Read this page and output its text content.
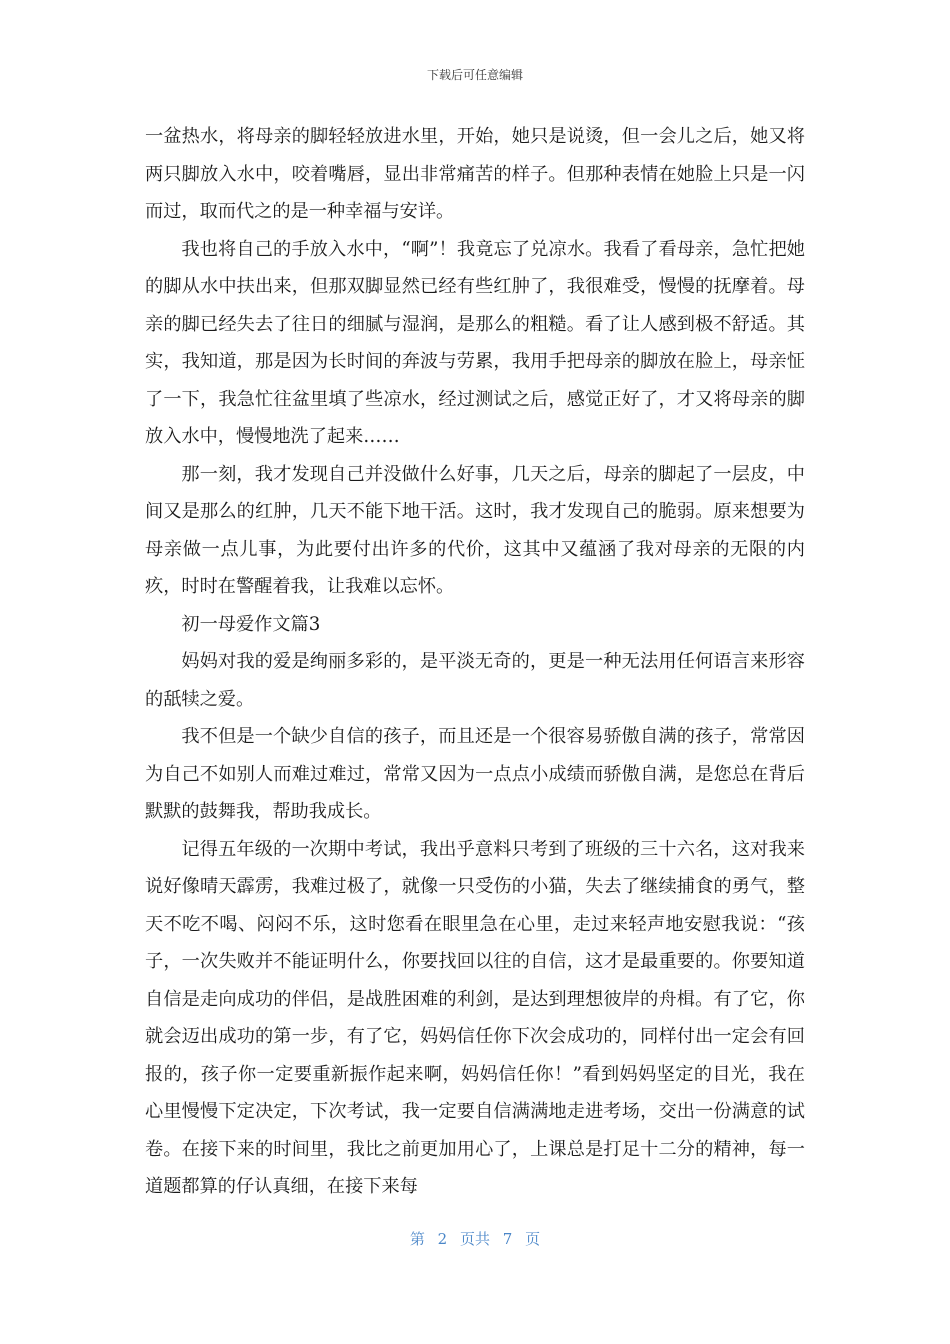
下载后可任意编辑

一盆热水，将母亲的脚轻轻放进水里，开始，她只是说烫，但一会儿之后，她又将两只脚放入水中，咬着嘴唇，显出非常痛苦的样子。但那种表情在她脸上只是一闪而过，取而代之的是一种幸福与安详。

我也将自己的手放入水中，“啊”！我竟忘了兑凉水。我看了看母亲，急忙把她的脚从水中扶出来，但那双脚显然已经有些红肿了，我很难受，慢慢的抚摩着。母亲的脚已经失去了往日的细腻与湿润，是那么的粗糙。看了让人感到极不舒适。其实，我知道，那是因为长时间的奔波与劳累，我用手把母亲的脚放在脸上，母亲怔了一下，我急忙往盆里填了些凉水，经过测试之后，感觉正好了，才又将母亲的脚放入水中，慢慢地洗了起来……

那一刻，我才发现自己并没做什么好事，几天之后，母亲的脚起了一层皮，中间又是那么的红肿，几天不能下地干活。这时，我才发现自己的脆弱。原来想要为母亲做一点儿事，为此要付出许多的代价，这其中又蕴涵了我对母亲的无限的内疚，时时在警醒着我，让我难以忘怀。

初一母爱作文篇3

妈妈对我的爱是绚丽多彩的，是平淡无奇的，更是一种无法用任何语言来形容的舐犊之爱。

我不但是一个缺少自信的孩子，而且还是一个很容易骄傲自满的孩子，常常因为自己不如别人而难过难过，常常又因为一点点小成绩而骄傲自满，是您总在背后默默的鼓舞我，帮助我成长。

记得五年级的一次期中考试，我出乎意料只考到了班级的三十六名，这对我来说好像晴天霹雳，我难过极了，就像一只受伤的小猫，失去了继续捕食的勇气，整天不吃不喝、闷闷不乐，这时您看在眼里急在心里，走过来轻声地安慰我说：“孩子，一次失败并不能证明什么，你要找回以往的自信，这才是最重要的。你要知道自信是走向成功的伴侣，是战胜困难的利剑，是达到理想彼岸的舟楫。有了它，你就会迈出成功的第一步，有了它，妈妈信任你下次会成功的，同样付出一定会有回报的，孩子你一定要重新振作起来啊，妈妈信任你！”看到妈妈坚定的目光，我在心里慢慢下定决定，下次考试，我一定要自信满满地走进考场，交出一份满意的试卷。在接下来的时间里，我比之前更加用心了，上课总是打足十二分的精神，每一道题都算的仔认真细，在接下来每

第 2 页共 7 页
